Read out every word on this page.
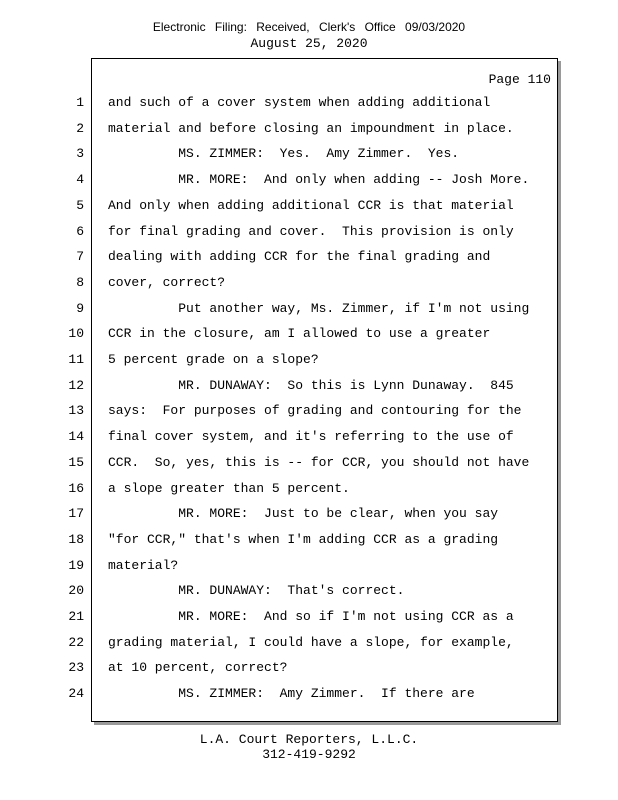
Electronic Filing: Received, Clerk's Office 09/03/2020
August 25, 2020
Page 110
1 and such of a cover system when adding additional
2 material and before closing an impoundment in place.
3 MS. ZIMMER:  Yes.  Amy Zimmer.  Yes.
4 MR. MORE:  And only when adding -- Josh More.
5 And only when adding additional CCR is that material
6 for final grading and cover.  This provision is only
7 dealing with adding CCR for the final grading and
8 cover, correct?
9 Put another way, Ms. Zimmer, if I'm not using
10 CCR in the closure, am I allowed to use a greater
11 5 percent grade on a slope?
12 MR. DUNAWAY:  So this is Lynn Dunaway.  845
13 says:  For purposes of grading and contouring for the
14 final cover system, and it's referring to the use of
15 CCR.  So, yes, this is -- for CCR, you should not have
16 a slope greater than 5 percent.
17 MR. MORE:  Just to be clear, when you say
18 "for CCR," that's when I'm adding CCR as a grading
19 material?
20 MR. DUNAWAY:  That's correct.
21 MR. MORE:  And so if I'm not using CCR as a
22 grading material, I could have a slope, for example,
23 at 10 percent, correct?
24 MS. ZIMMER:  Amy Zimmer.  If there are
L.A. Court Reporters, L.L.C.
312-419-9292
